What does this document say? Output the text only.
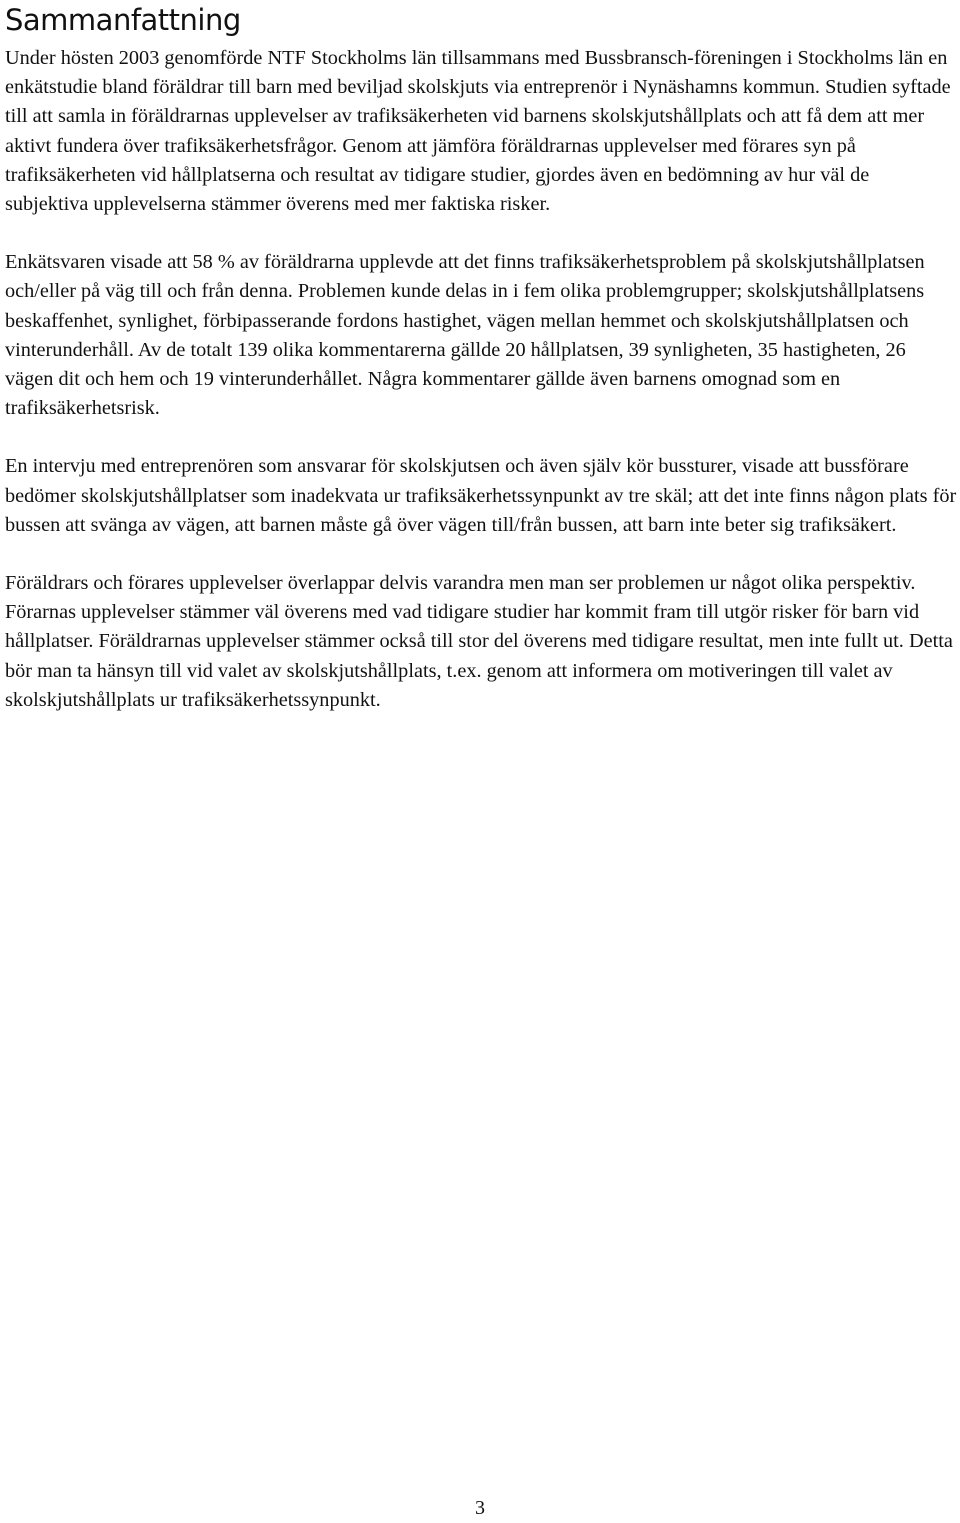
Sammanfattning

Under hösten 2003 genomförde NTF Stockholms län tillsammans med Bussbransch-föreningen i Stockholms län en enkätstudie bland föräldrar till barn med beviljad skolskjuts via entreprenör i Nynäshamns kommun. Studien syftade till att samla in föräldrarnas upplevelser av trafiksäkerheten vid barnens skolskjutshållplats och att få dem att mer aktivt fundera över trafiksäkerhetsfrågor. Genom att jämföra föräldrarnas upplevelser med förares syn på trafiksäkerheten vid hållplatserna och resultat av tidigare studier, gjordes även en bedömning av hur väl de subjektiva upplevelserna stämmer överens med mer faktiska risker.

Enkätsvaren visade att 58 % av föräldrarna upplevde att det finns trafiksäkerhetsproblem på skolskjutshållplatsen och/eller på väg till och från denna. Problemen kunde delas in i fem olika problemgrupper; skolskjutshållplatsens beskaffenhet, synlighet, förbipasserande fordons hastighet, vägen mellan hemmet och skolskjutshållplatsen och vinterunderhåll. Av de totalt 139 olika kommentarerna gällde 20 hållplatsen, 39 synligheten, 35 hastigheten, 26 vägen dit och hem och 19 vinterunderhållet. Några kommentarer gällde även barnens omognad som en trafiksäkerhetsrisk.

En intervju med entreprenören som ansvarar för skolskjutsen och även själv kör bussturer, visade att bussförare bedömer skolskjutshållplatser som inadekvata ur trafiksäkerhetssynpunkt av tre skäl; att det inte finns någon plats för bussen att svänga av vägen, att barnen måste gå över vägen till/från bussen, att barn inte beter sig trafiksäkert.

Föräldrars och förares upplevelser överlappar delvis varandra men man ser problemen ur något olika perspektiv. Förarnas upplevelser stämmer väl överens med vad tidigare studier har kommit fram till utgör risker för barn vid hållplatser. Föräldrarnas upplevelser stämmer också till stor del överens med tidigare resultat, men inte fullt ut. Detta bör man ta hänsyn till vid valet av skolskjutshållplats, t.ex. genom att informera om motiveringen till valet av skolskjutshållplats ur trafiksäkerhetssynpunkt.

3
